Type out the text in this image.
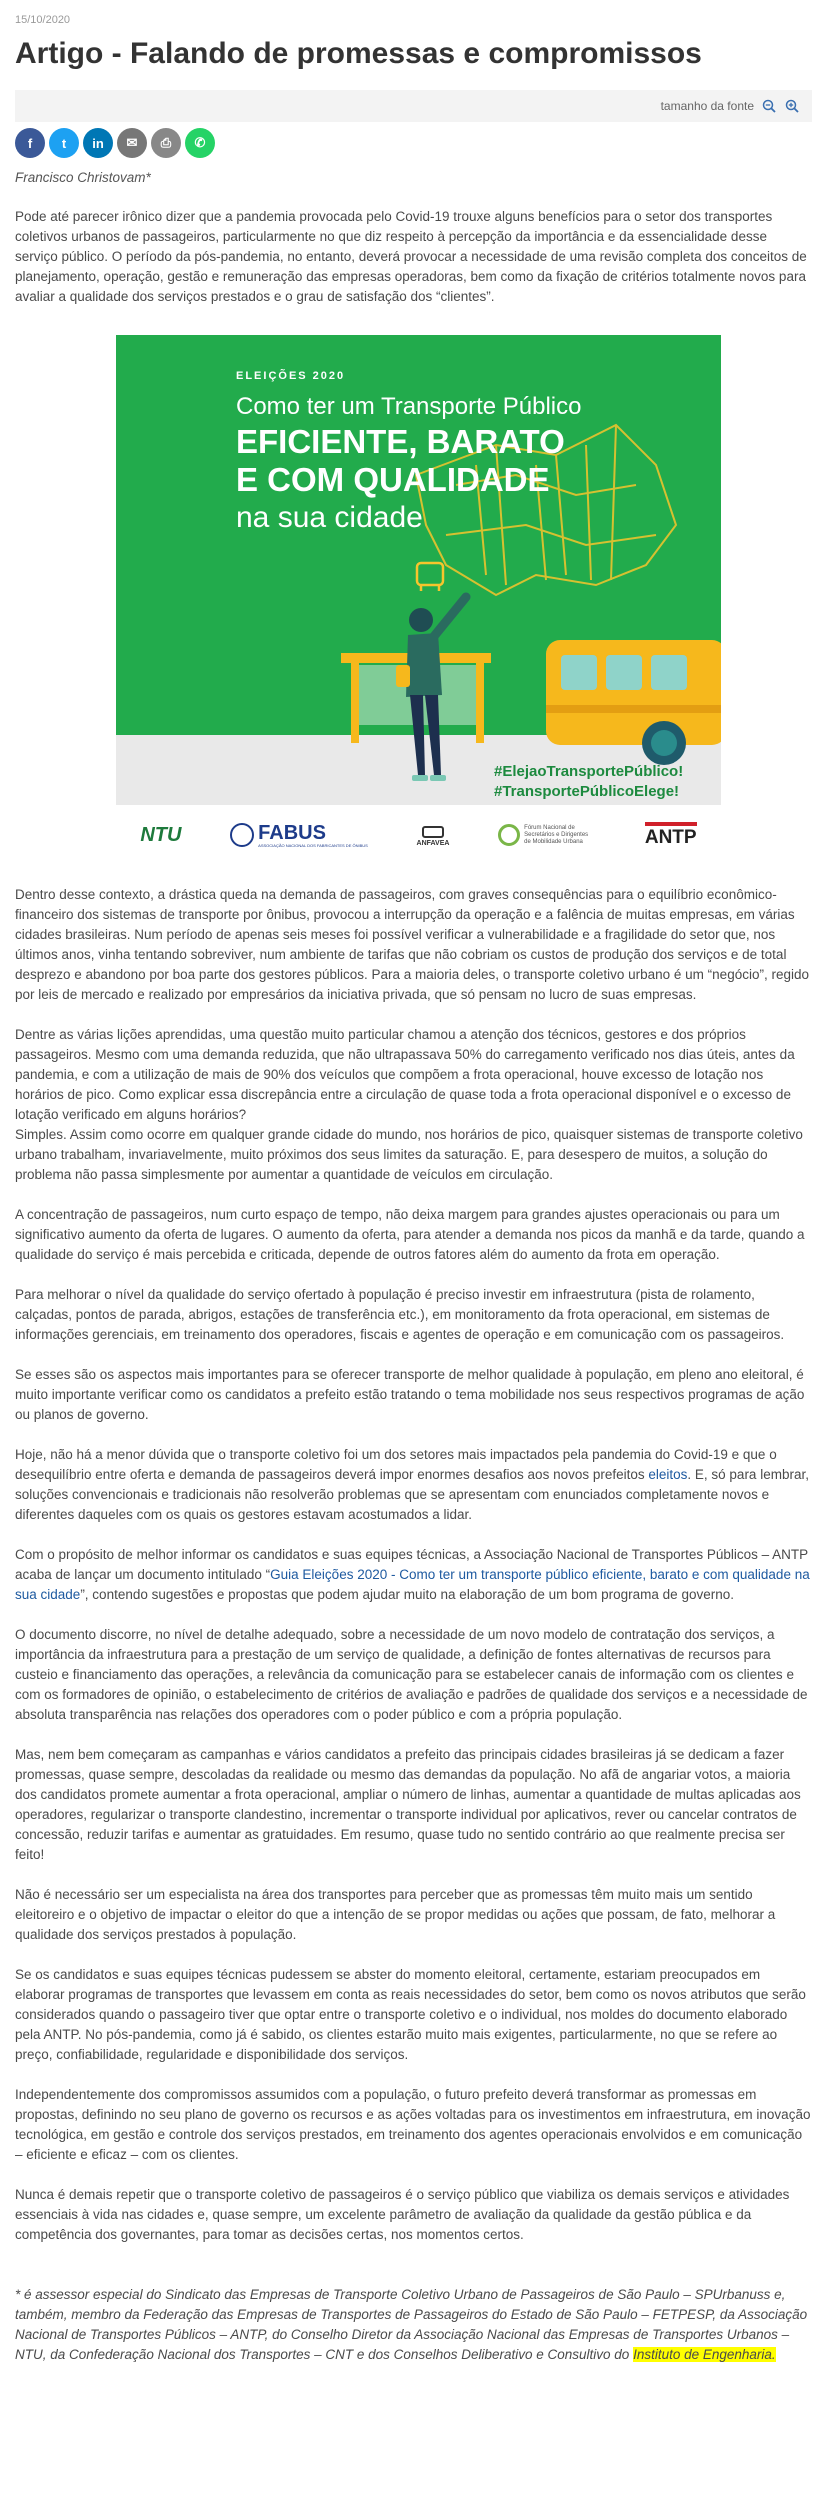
15/10/2020
Artigo - Falando de promessas e compromissos
tamanho da fonte
f	t	in	✉	⎙	✆
Francisco Christovam*

Pode até parecer irônico dizer que a pandemia provocada pelo Covid-19 trouxe alguns benefícios para o setor dos transportes coletivos urbanos de passageiros, particularmente no que diz respeito à percepção da importância e da essencialidade desse serviço público. O período da pós-pandemia, no entanto, deverá provocar a necessidade de uma revisão completa dos conceitos de planejamento, operação, gestão e remuneração das empresas operadoras, bem como da fixação de critérios totalmente novos para avaliar a qualidade dos serviços prestados e o grau de satisfação dos “clientes”.

ELEIÇÕES 2020
Como ter um Transporte Público
EFICIENTE, BARATO
E COM QUALIDADE
na sua cidade
#ElejaoTransportePúblico!
#TransportePúblicoElege!
NTU	FABUS
ASSOCIAÇÃO NACIONAL DOS FABRICANTES DE ÔNIBUS	ANFAVEA
Fórum Nacional de Secretários e Dirigentes de Mobilidade Urbana	ANTP

Dentro desse contexto, a drástica queda na demanda de passageiros, com graves consequências para o equilíbrio econômico-financeiro dos sistemas de transporte por ônibus, provocou a interrupção da operação e a falência de muitas empresas, em várias cidades brasileiras. Num período de apenas seis meses foi possível verificar a vulnerabilidade e a fragilidade do setor que, nos últimos anos, vinha tentando sobreviver, num ambiente de tarifas que não cobriam os custos de produção dos serviços e de total desprezo e abandono por boa parte dos gestores públicos. Para a maioria deles, o transporte coletivo urbano é um “negócio”, regido por leis de mercado e realizado por empresários da iniciativa privada, que só pensam no lucro de suas empresas.

Dentre as várias lições aprendidas, uma questão muito particular chamou a atenção dos técnicos, gestores e dos próprios passageiros. Mesmo com uma demanda reduzida, que não ultrapassava 50% do carregamento verificado nos dias úteis, antes da pandemia, e com a utilização de mais de 90% dos veículos que compõem a frota operacional, houve excesso de lotação nos horários de pico. Como explicar essa discrepância entre a circulação de quase toda a frota operacional disponível e o excesso de lotação verificado em alguns horários?

Simples. Assim como ocorre em qualquer grande cidade do mundo, nos horários de pico, quaisquer sistemas de transporte coletivo urbano trabalham, invariavelmente, muito próximos dos seus limites da saturação. E, para desespero de muitos, a solução do problema não passa simplesmente por aumentar a quantidade de veículos em circulação.

A concentração de passageiros, num curto espaço de tempo, não deixa margem para grandes ajustes operacionais ou para um significativo aumento da oferta de lugares. O aumento da oferta, para atender a demanda nos picos da manhã e da tarde, quando a qualidade do serviço é mais percebida e criticada, depende de outros fatores além do aumento da frota em operação.

Para melhorar o nível da qualidade do serviço ofertado à população é preciso investir em infraestrutura (pista de rolamento, calçadas, pontos de parada, abrigos, estações de transferência etc.), em monitoramento da frota operacional, em sistemas de informações gerenciais, em treinamento dos operadores, fiscais e agentes de operação e em comunicação com os passageiros.

Se esses são os aspectos mais importantes para se oferecer transporte de melhor qualidade à população, em pleno ano eleitoral, é muito importante verificar como os candidatos a prefeito estão tratando o tema mobilidade nos seus respectivos programas de ação ou planos de governo.

Hoje, não há a menor dúvida que o transporte coletivo foi um dos setores mais impactados pela pandemia do Covid-19 e que o desequilíbrio entre oferta e demanda de passageiros deverá impor enormes desafios aos novos prefeitos eleitos. E, só para lembrar, soluções convencionais e tradicionais não resolverão problemas que se apresentam com enunciados completamente novos e diferentes daqueles com os quais os gestores estavam acostumados a lidar.

Com o propósito de melhor informar os candidatos e suas equipes técnicas, a Associação Nacional de Transportes Públicos – ANTP acaba de lançar um documento intitulado “Guia Eleições 2020 - Como ter um transporte público eficiente, barato e com qualidade na sua cidade”, contendo sugestões e propostas que podem ajudar muito na elaboração de um bom programa de governo.

O documento discorre, no nível de detalhe adequado, sobre a necessidade de um novo modelo de contratação dos serviços, a importância da infraestrutura para a prestação de um serviço de qualidade, a definição de fontes alternativas de recursos para custeio e financiamento das operações, a relevância da comunicação para se estabelecer canais de informação com os clientes e com os formadores de opinião, o estabelecimento de critérios de avaliação e padrões de qualidade dos serviços e a necessidade de absoluta transparência nas relações dos operadores com o poder público e com a própria população.

Mas, nem bem começaram as campanhas e vários candidatos a prefeito das principais cidades brasileiras já se dedicam a fazer promessas, quase sempre, descoladas da realidade ou mesmo das demandas da população. No afã de angariar votos, a maioria dos candidatos promete aumentar a frota operacional, ampliar o número de linhas, aumentar a quantidade de multas aplicadas aos operadores, regularizar o transporte clandestino, incrementar o transporte individual por aplicativos, rever ou cancelar contratos de concessão, reduzir tarifas e aumentar as gratuidades. Em resumo, quase tudo no sentido contrário ao que realmente precisa ser feito!

Não é necessário ser um especialista na área dos transportes para perceber que as promessas têm muito mais um sentido eleitoreiro e o objetivo de impactar o eleitor do que a intenção de se propor medidas ou ações que possam, de fato, melhorar a qualidade dos serviços prestados à população.

Se os candidatos e suas equipes técnicas pudessem se abster do momento eleitoral, certamente, estariam preocupados em elaborar programas de transportes que levassem em conta as reais necessidades do setor, bem como os novos atributos que serão considerados quando o passageiro tiver que optar entre o transporte coletivo e o individual, nos moldes do documento elaborado pela ANTP. No pós-pandemia, como já é sabido, os clientes estarão muito mais exigentes, particularmente, no que se refere ao preço, confiabilidade, regularidade e disponibilidade dos serviços.

Independentemente dos compromissos assumidos com a população, o futuro prefeito deverá transformar as promessas em propostas, definindo no seu plano de governo os recursos e as ações voltadas para os investimentos em infraestrutura, em inovação tecnológica, em gestão e controle dos serviços prestados, em treinamento dos agentes operacionais envolvidos e em comunicação – eficiente e eficaz – com os clientes.

Nunca é demais repetir que o transporte coletivo de passageiros é o serviço público que viabiliza os demais serviços e atividades essenciais à vida nas cidades e, quase sempre, um excelente parâmetro de avaliação da qualidade da gestão pública e da competência dos governantes, para tomar as decisões certas, nos momentos certos.

* é assessor especial do Sindicato das Empresas de Transporte Coletivo Urbano de Passageiros de São Paulo – SPUrbanuss e, também, membro da Federação das Empresas de Transportes de Passageiros do Estado de São Paulo – FETPESP, da Associação Nacional de Transportes Públicos – ANTP, do Conselho Diretor da Associação Nacional das Empresas de Transportes Urbanos – NTU, da Confederação Nacional dos Transportes – CNT e dos Conselhos Deliberativo e Consultivo do Instituto de Engenharia.
